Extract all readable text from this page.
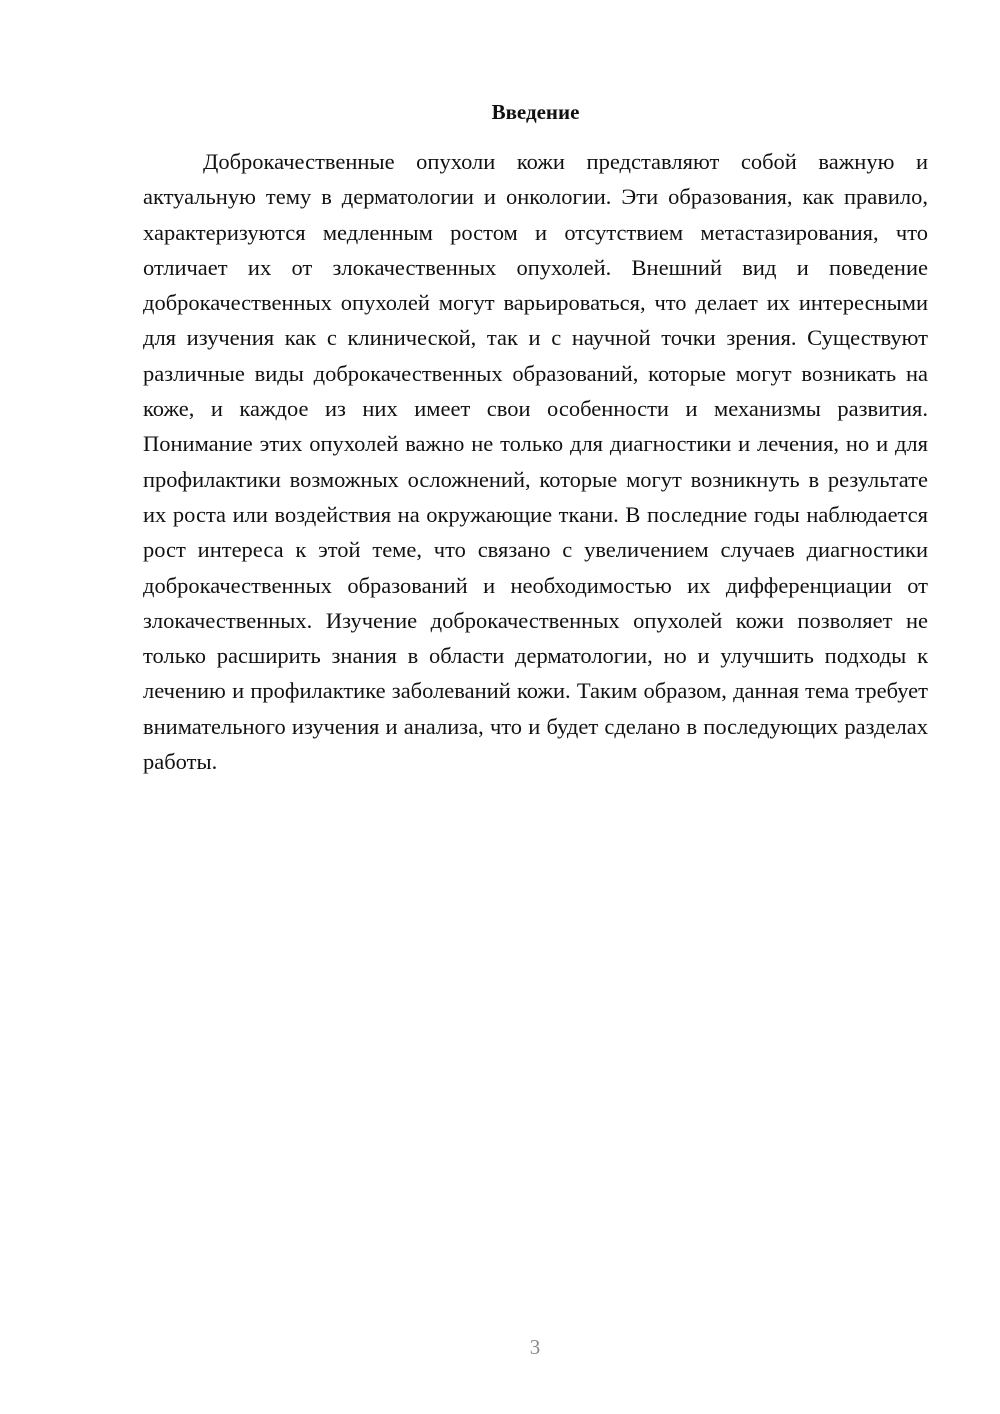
Введение

Доброкачественные опухоли кожи представляют собой важную и актуальную тему в дерматологии и онкологии. Эти образования, как правило, характеризуются медленным ростом и отсутствием метастазирования, что отличает их от злокачественных опухолей. Внешний вид и поведение доброкачественных опухолей могут варьироваться, что делает их интересными для изучения как с клинической, так и с научной точки зрения. Существуют различные виды доброкачественных образований, которые могут возникать на коже, и каждое из них имеет свои особенности и механизмы развития. Понимание этих опухолей важно не только для диагностики и лечения, но и для профилактики возможных осложнений, которые могут возникнуть в результате их роста или воздействия на окружающие ткани. В последние годы наблюдается рост интереса к этой теме, что связано с увеличением случаев диагностики доброкачественных образований и необходимостью их дифференциации от злокачественных. Изучение доброкачественных опухолей кожи позволяет не только расширить знания в области дерматологии, но и улучшить подходы к лечению и профилактике заболеваний кожи. Таким образом, данная тема требует внимательного изучения и анализа, что и будет сделано в последующих разделах работы.

3
